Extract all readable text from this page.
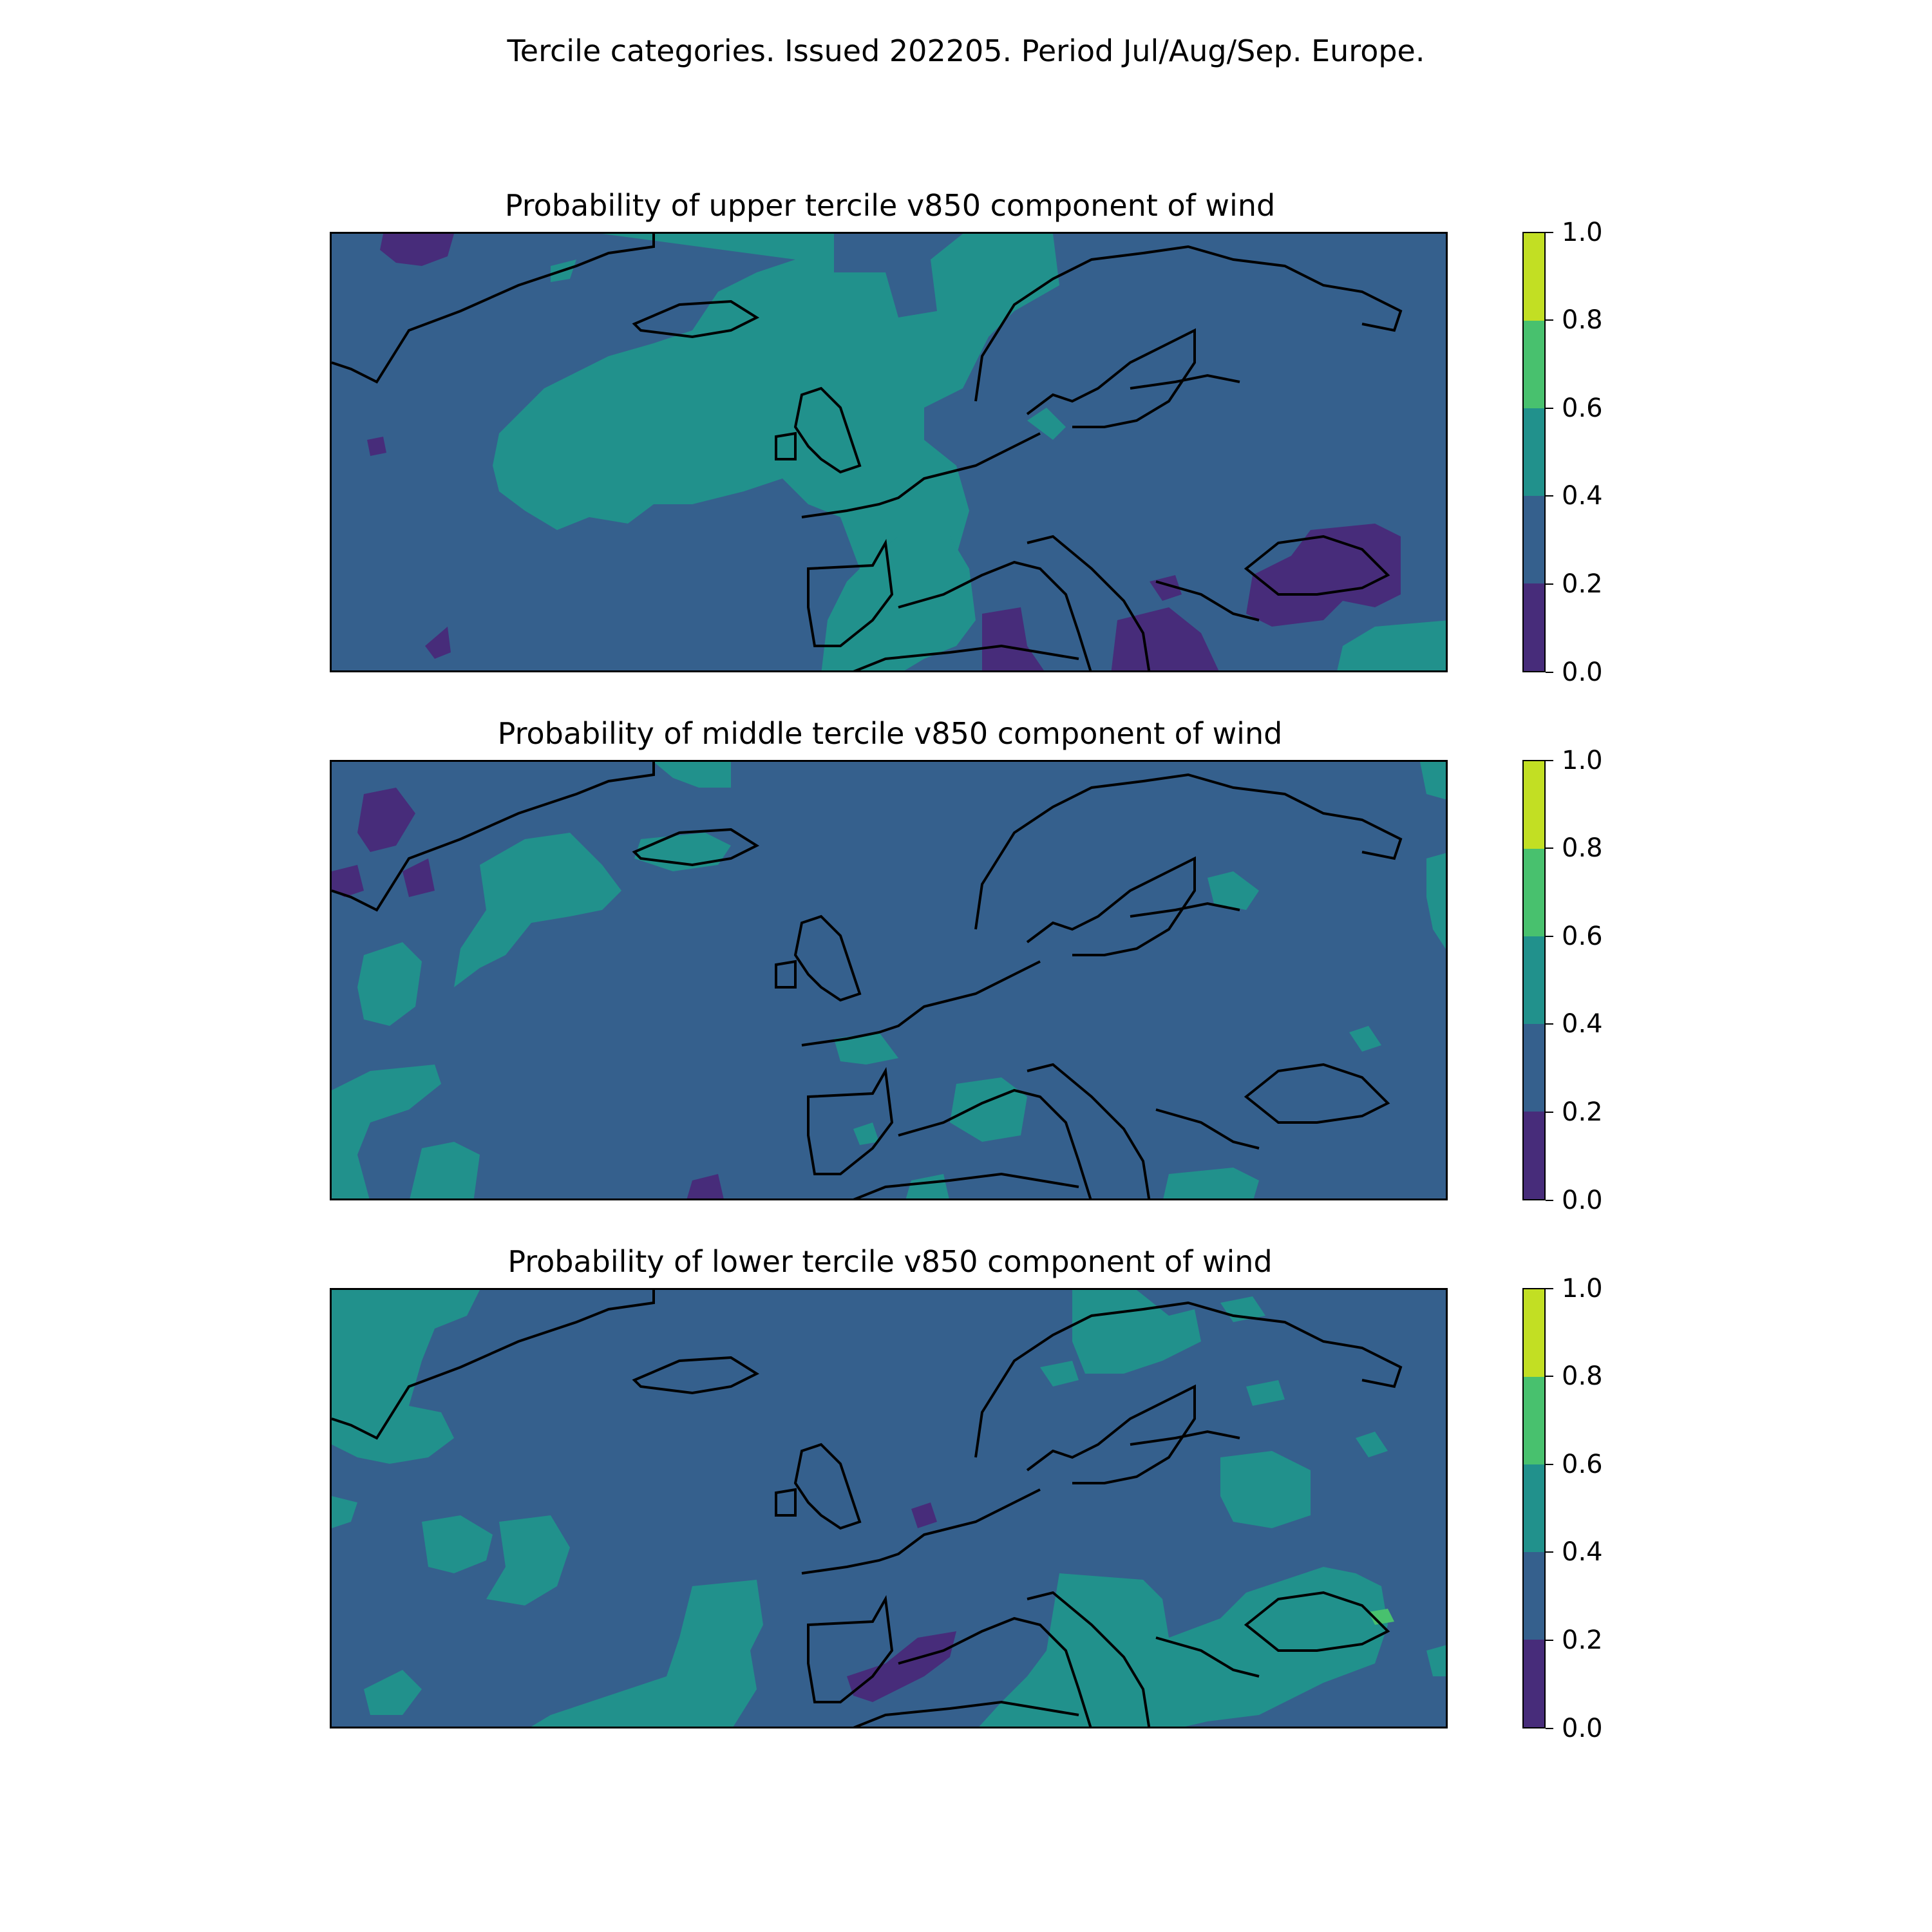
Tercile categories. Issued 202205. Period Jul/Aug/Sep. Europe.
Probability of upper tercile v850 component of wind
0.0
0.2
0.4
0.6
0.8
1.0
Probability of middle tercile v850 component of wind
0.0
0.2
0.4
0.6
0.8
1.0
Probability of lower tercile v850 component of wind
0.0
0.2
0.4
0.6
0.8
1.0
